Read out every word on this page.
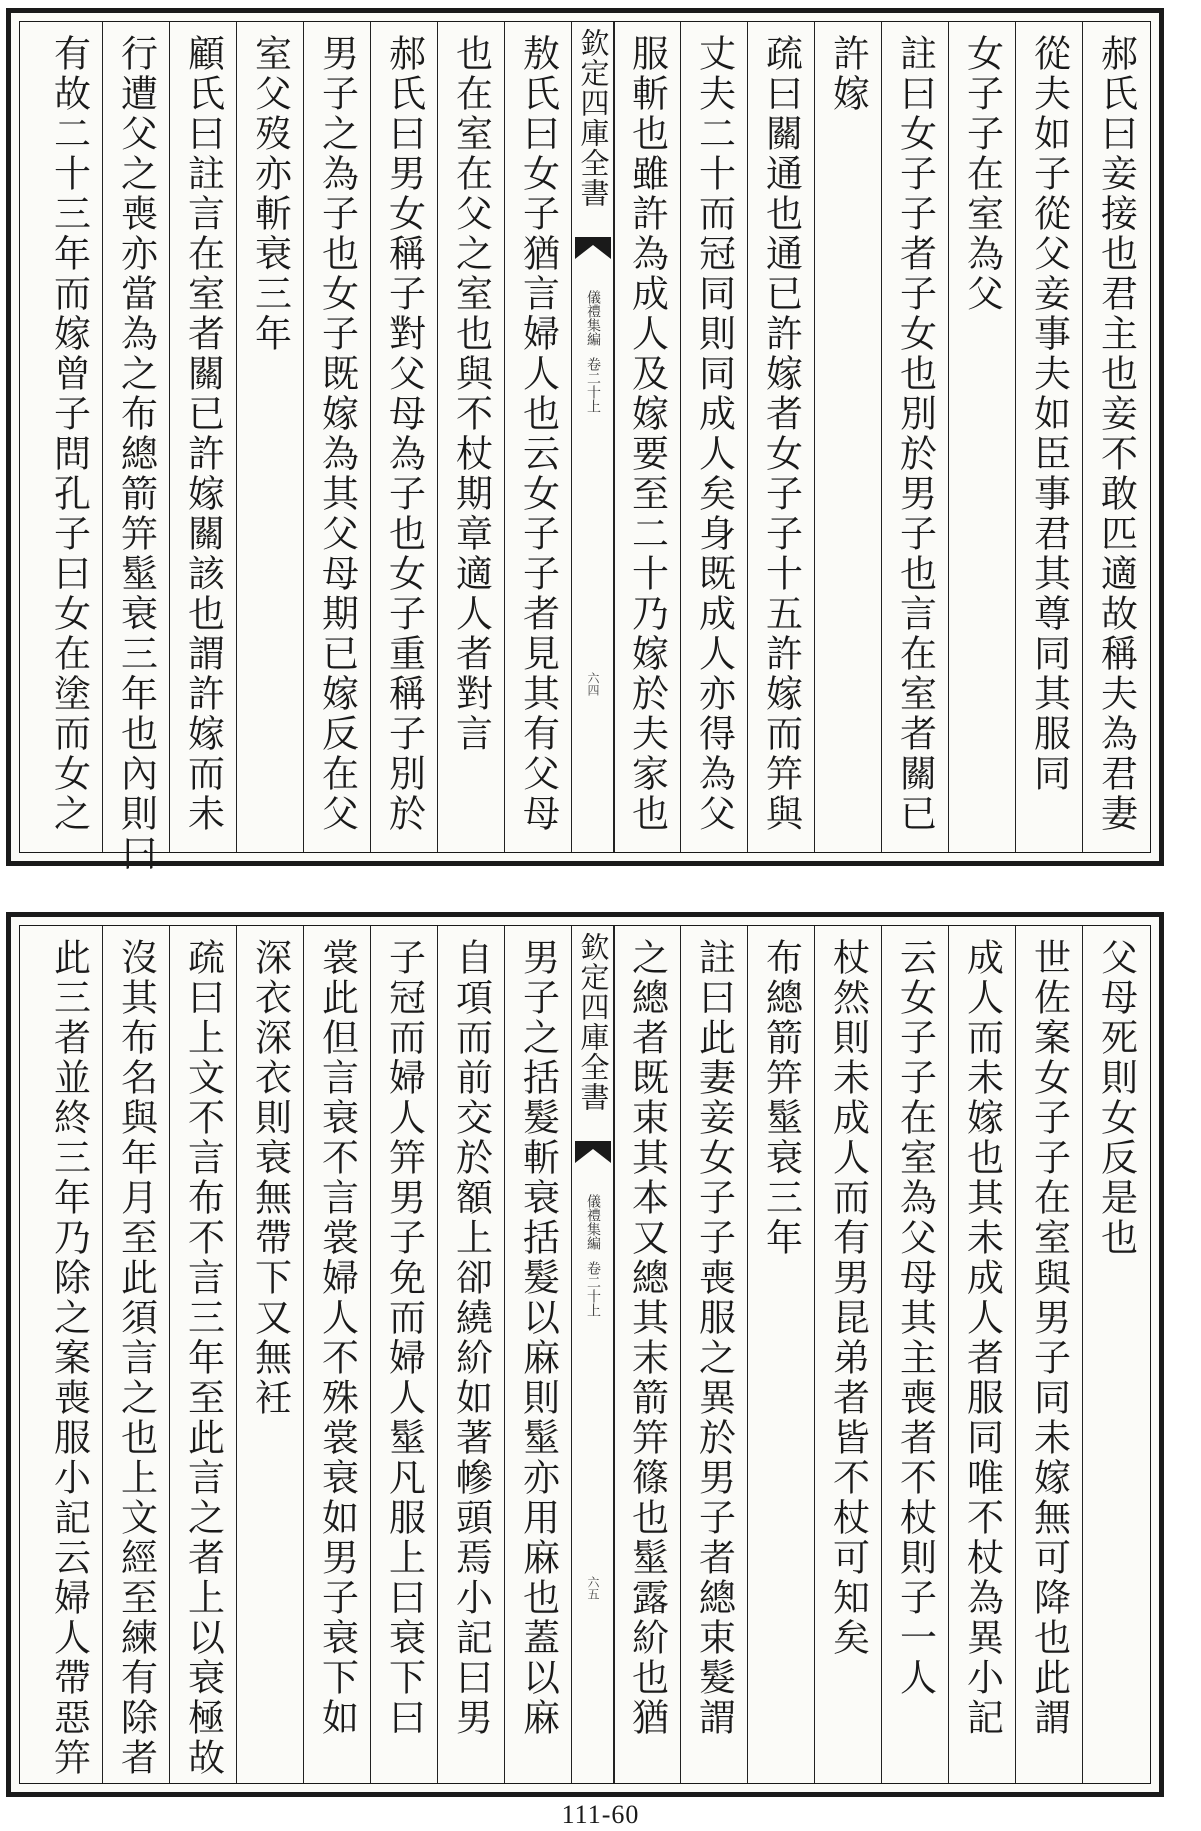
郝氏曰妾接也君主也妾不敢匹適故稱夫為君妻
從夫如子從父妾事夫如臣事君其尊同其服同
女子子在室為父
註曰女子子者子女也別於男子也言在室者關已
許嫁
疏曰關通也通已許嫁者女子子十五許嫁而笄與
丈夫二十而冠同則同成人矣身既成人亦得為父
服斬也雖許為成人及嫁要至二十乃嫁於夫家也
欽定四庫全書
儀禮集編
卷二十上
六四
敖氏曰女子猶言婦人也云女子子者見其有父母
也在室在父之室也與不杖期章適人者對言
郝氏曰男女稱子對父母為子也女子重稱子別於
男子之為子也女子既嫁為其父母期已嫁反在父
室父歿亦斬衰三年
顧氏曰註言在室者關已許嫁關該也謂許嫁而未
行遭父之喪亦當為之布總箭笄髽衰三年也內則曰
有故二十三年而嫁曾子問孔子曰女在塗而女之
父母死則女反是也
世佐案女子子在室與男子同未嫁無可降也此謂
成人而未嫁也其未成人者服同唯不杖為異小記
云女子子在室為父母其主喪者不杖則子一人
杖然則未成人而有男昆弟者皆不杖可知矣
布總箭笄髽衰三年
註曰此妻妾女子子喪服之異於男子者總束髮謂
之總者既束其本又總其末箭笄篠也髽露紒也猶
欽定四庫全書
儀禮集編
卷二十上
六五
男子之括髮斬衰括髮以麻則髽亦用麻也蓋以麻
自項而前交於額上卻繞紒如著幓頭焉小記曰男
子冠而婦人笄男子免而婦人髽凡服上曰衰下曰
裳此但言衰不言裳婦人不殊裳衰如男子衰下如
深衣深衣則衰無帶下又無衽
疏曰上文不言布不言三年至此言之者上以衰極故
沒其布名與年月至此須言之也上文經至練有除者
此三者並終三年乃除之案喪服小記云婦人帶惡笄
111-60
